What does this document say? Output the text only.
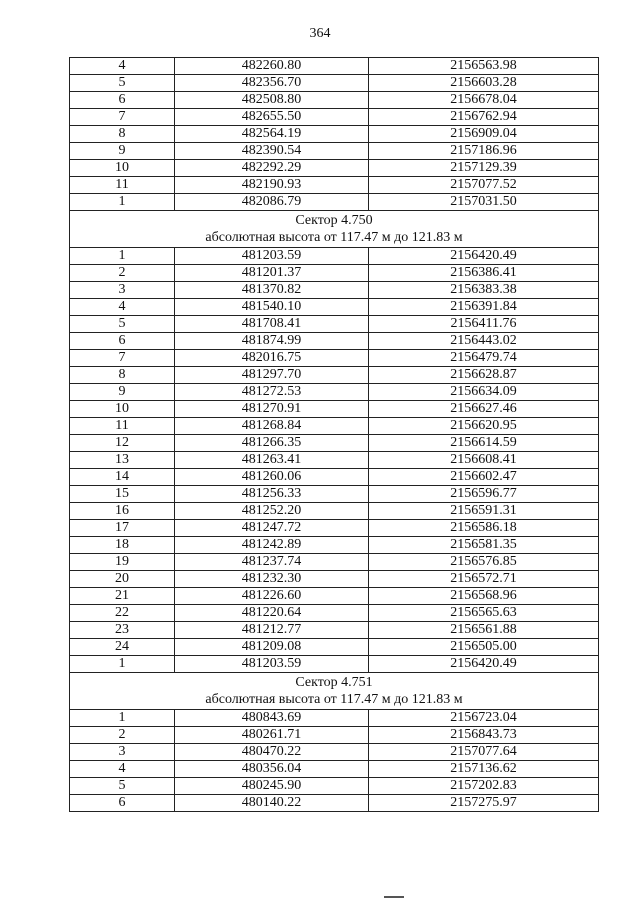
364
4	482260.80	2156563.98
5	482356.70	2156603.28
6	482508.80	2156678.04
7	482655.50	2156762.94
8	482564.19	2156909.04
9	482390.54	2157186.96
10	482292.29	2157129.39
11	482190.93	2157077.52
1	482086.79	2157031.50

Сектор 4.750
абсолютная высота от 117.47 м до 121.83 м		

1	481203.59	2156420.49
2	481201.37	2156386.41
3	481370.82	2156383.38
4	481540.10	2156391.84
5	481708.41	2156411.76
6	481874.99	2156443.02
7	482016.75	2156479.74
8	481297.70	2156628.87
9	481272.53	2156634.09
10	481270.91	2156627.46
11	481268.84	2156620.95
12	481266.35	2156614.59
13	481263.41	2156608.41
14	481260.06	2156602.47
15	481256.33	2156596.77
16	481252.20	2156591.31
17	481247.72	2156586.18
18	481242.89	2156581.35
19	481237.74	2156576.85
20	481232.30	2156572.71
21	481226.60	2156568.96
22	481220.64	2156565.63
23	481212.77	2156561.88
24	481209.08	2156505.00
1	481203.59	2156420.49

Сектор 4.751
абсолютная высота от 117.47 м до 121.83 м		

1	480843.69	2156723.04
2	480261.71	2156843.73
3	480470.22	2157077.64
4	480356.04	2157136.62
5	480245.90	2157202.83
6	480140.22	2157275.97
